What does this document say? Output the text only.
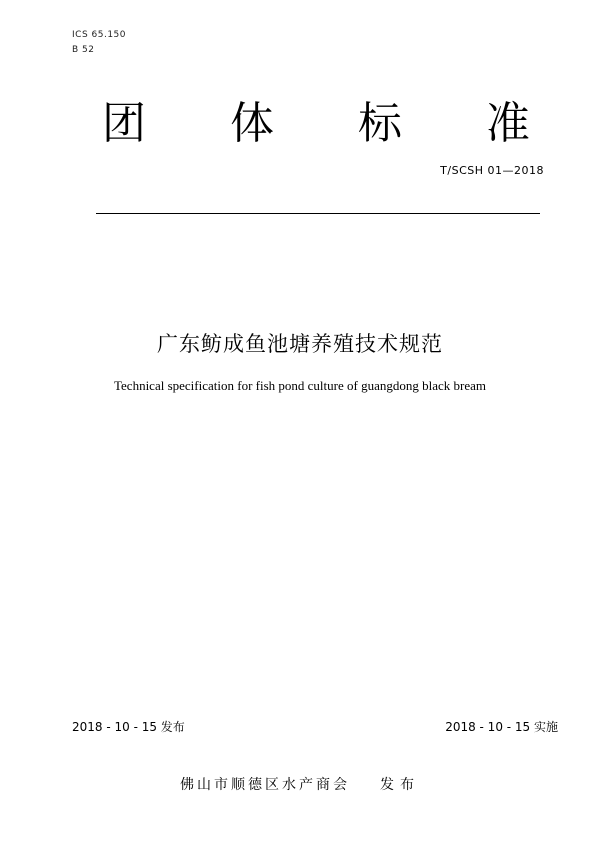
ICS 65.150
B 52
团 体 标 准
T/SCSH 01—2018
广东鲂成鱼池塘养殖技术规范
Technical specification for fish pond culture of guangdong black bream
2018 - 10 - 15 发布	2018 - 10 - 15 实施
佛山市顺德区水产商会 发布
